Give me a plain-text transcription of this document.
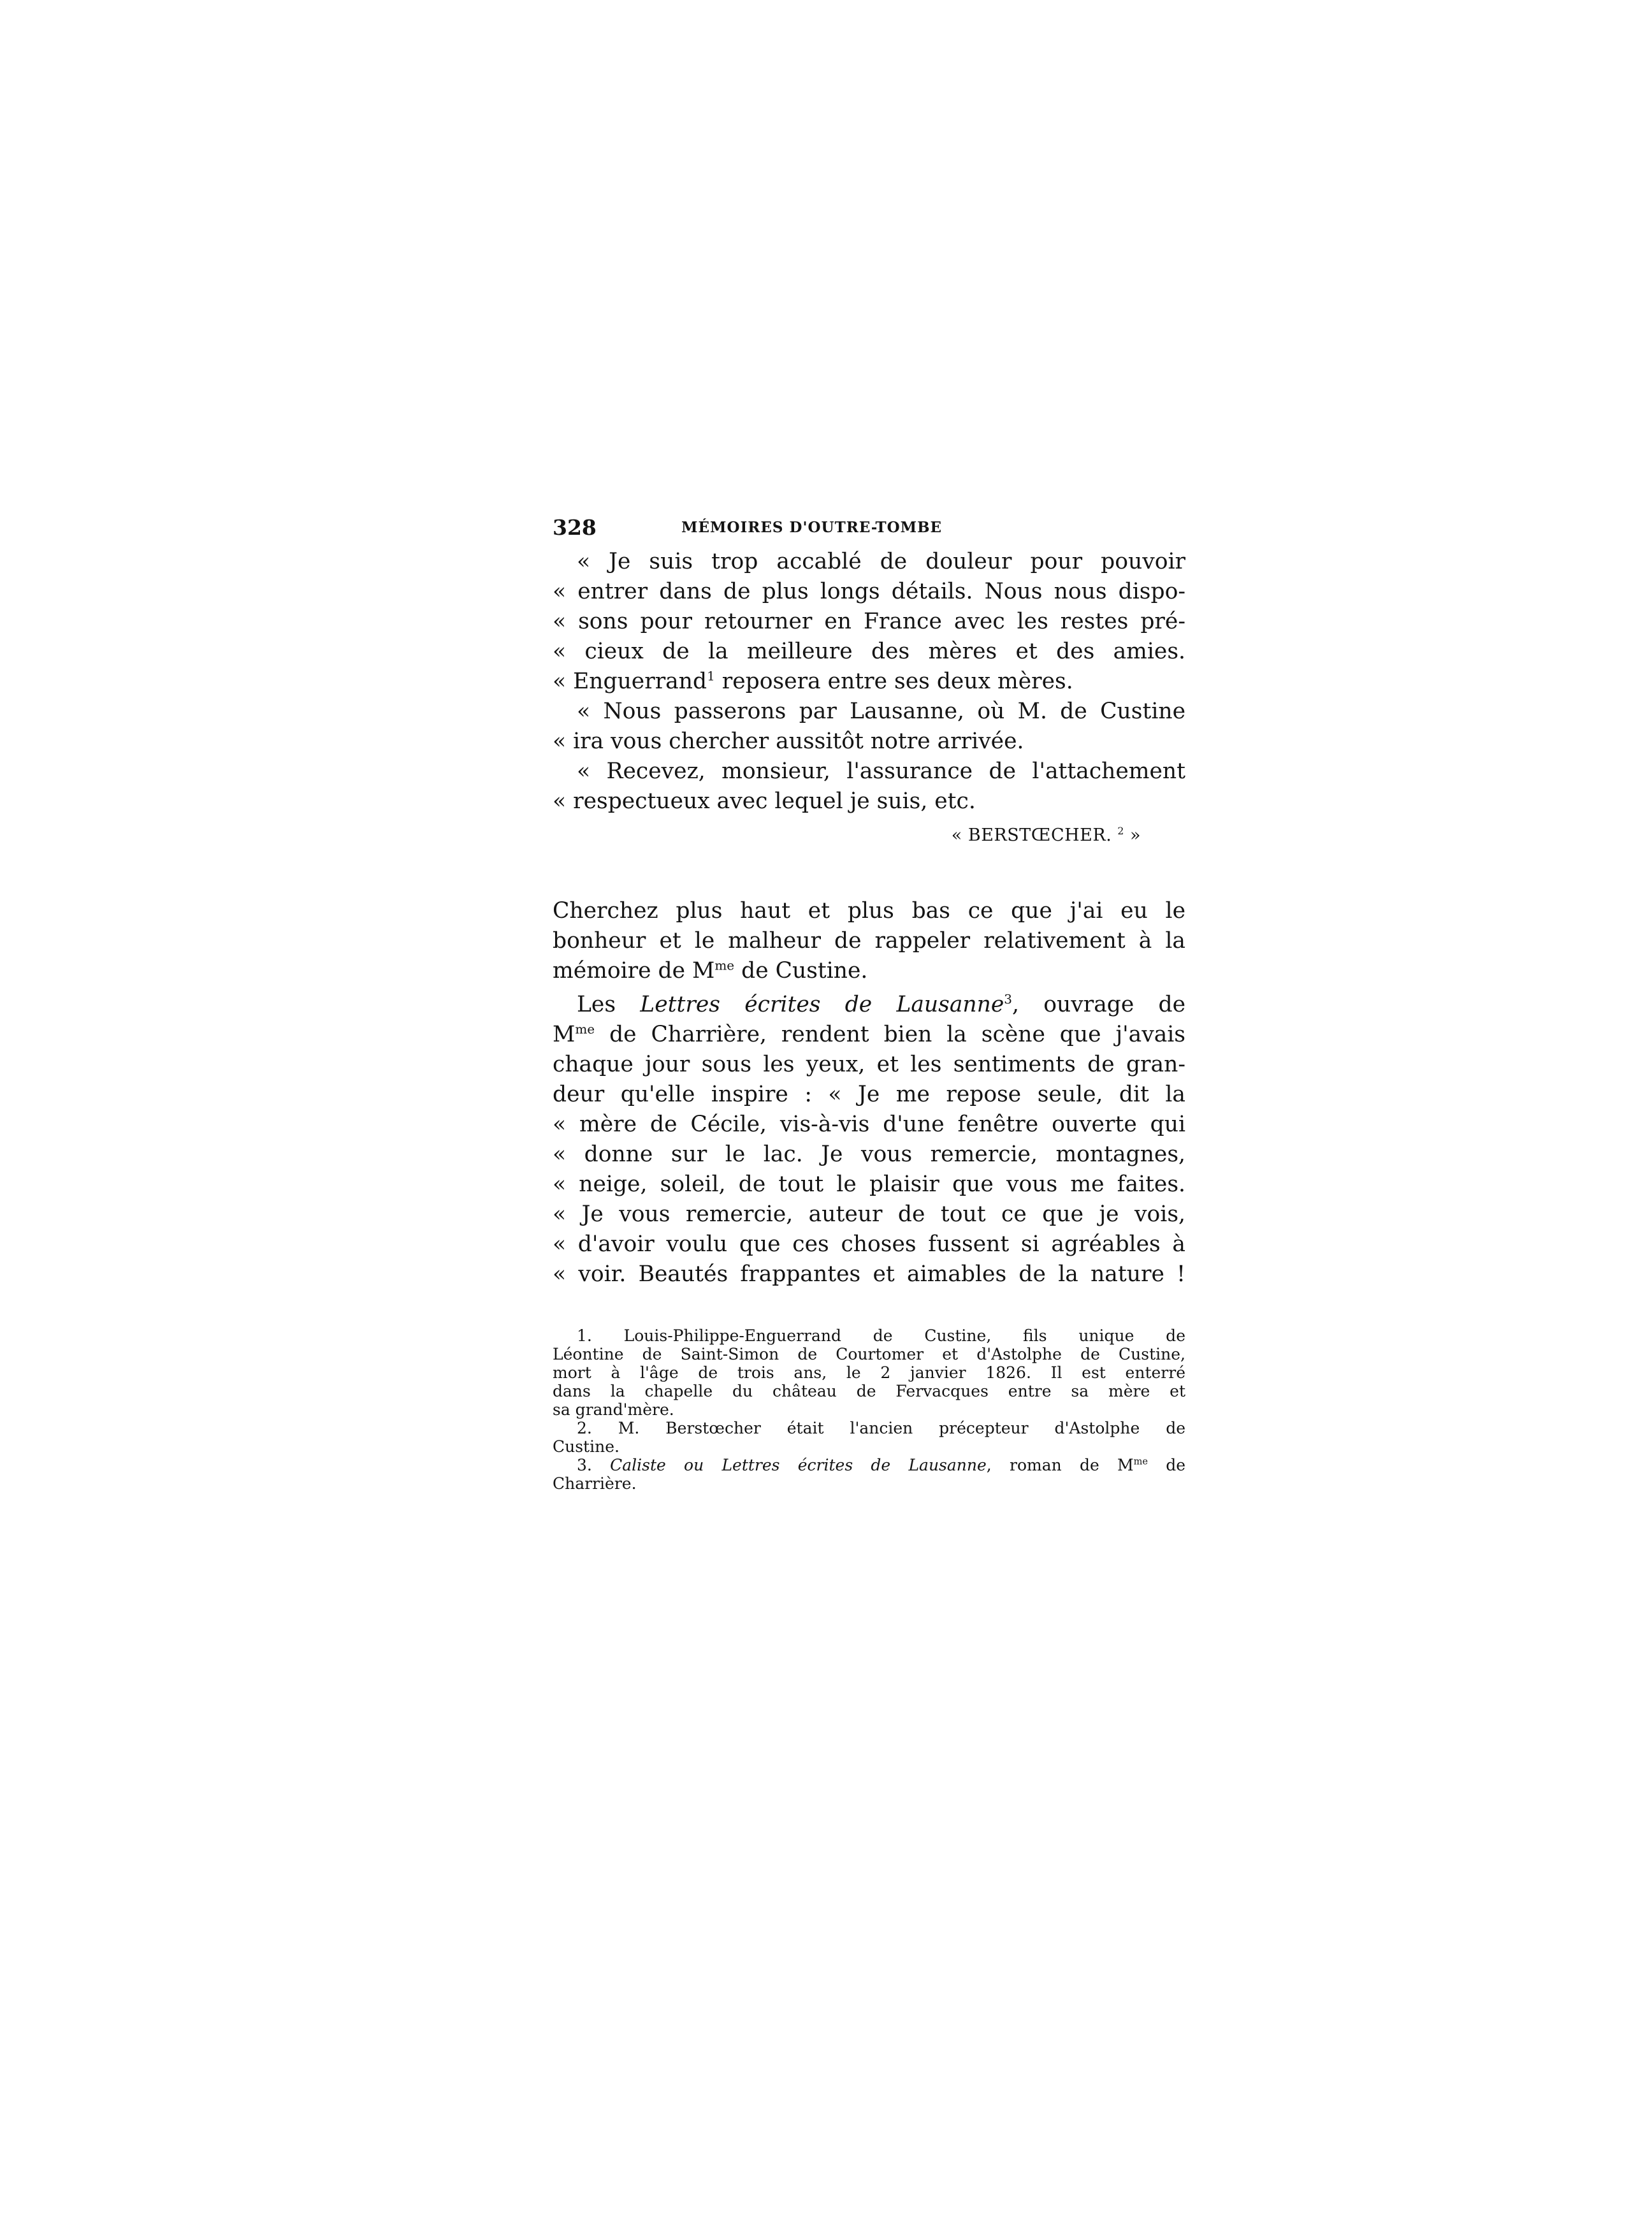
328	MÉMOIRES D'OUTRE-TOMBE
« Je suis trop accablé de douleur pour pouvoir
« entrer dans de plus longs détails. Nous nous dispo-
« sons pour retourner en France avec les restes pré-
« cieux de la meilleure des mères et des amies.
« Enguerrand$^1$ reposera entre ses deux mères.
« Nous passerons par Lausanne, où M. de Custine
« ira vous chercher aussitôt notre arrivée.
« Recevez, monsieur, l'assurance de l'attachement
« respectueux avec lequel je suis, etc.
« BERSTŒCHER. $^2$ »
Cherchez plus haut et plus bas ce que j'ai eu le
bonheur et le malheur de rappeler relativement à la
mémoire de $M^{me}$ de Custine.
Les Lettres écrites de Lausanne$^3$, ouvrage de
$M^{me}$ de Charrière, rendent bien la scène que j'avais
chaque jour sous les yeux, et les sentiments de gran-
deur qu'elle inspire : « Je me repose seule, dit la
« mère de Cécile, vis-à-vis d'une fenêtre ouverte qui
« donne sur le lac. Je vous remercie, montagnes,
« neige, soleil, de tout le plaisir que vous me faites.
« Je vous remercie, auteur de tout ce que je vois,
« d'avoir voulu que ces choses fussent si agréables à
« voir. Beautés frappantes et aimables de la nature !
1. Louis-Philippe-Enguerrand de Custine, fils unique de
Léontine de Saint-Simon de Courtomer et d'Astolphe de Custine,
mort à l'âge de trois ans, le 2 janvier 1826. Il est enterré
dans la chapelle du château de Fervacques entre sa mère et
sa grand'mère.
2. M. Berstœcher était l'ancien précepteur d'Astolphe de
Custine.
3. Caliste ou Lettres écrites de Lausanne, roman de $M^{me}$ de
Charrière.
